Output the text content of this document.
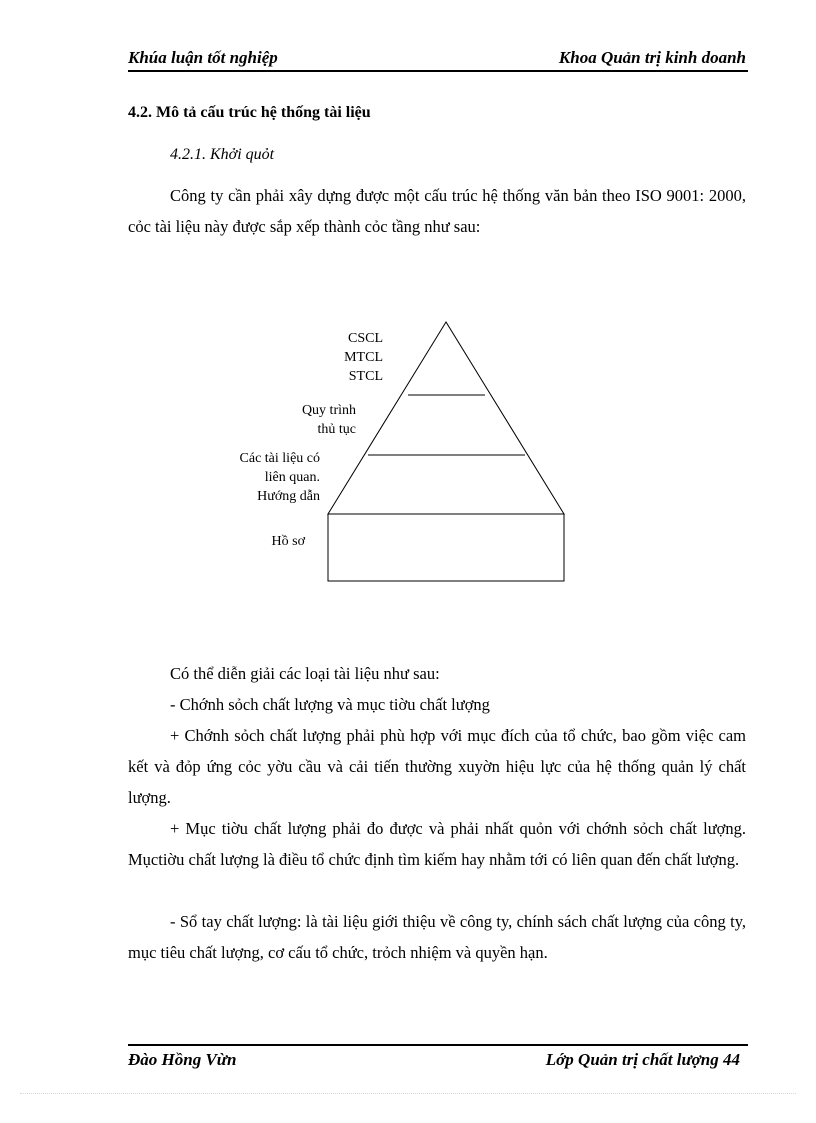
Khúa luận tốt nghiệp	Khoa Quản trị kinh doanh
4.2. Mô tả cấu trúc hệ thống tài liệu
4.2.1. Khởi quỏt
Công ty cần phải xây dựng được một cấu trúc hệ thống văn bản theo ISO 9001: 2000, cỏc tài liệu này được sắp xếp thành cỏc tầng như sau:
CSCL
MTCL
STCL
Quy trình
thủ tục
Các tài liệu có
liên quan.
Hướng dẫn
Hồ sơ
Có thể diễn giải các loại tài liệu như sau:
- Chớnh sỏch chất lượng và mục tiờu chất lượng
+ Chớnh sỏch chất lượng phải phù hợp với mục đích của tổ chức, bao gồm việc cam kết và đỏp ứng cỏc yờu cầu và cải tiến thường xuyờn hiệu lực của hệ thống quản lý chất lượng.
+ Mục tiờu chất lượng phải đo được và phải nhất quỏn với chớnh sỏch chất lượng. Mụctiờu chất lượng là điều tổ chức định tìm kiếm hay nhằm tới có liên quan đến chất lượng.
- Sổ tay chất lượng: là tài liệu giới thiệu về công ty, chính sách chất lượng của công ty, mục tiêu chất lượng, cơ cấu tổ chức, trỏch nhiệm và quyền hạn.
Đào Hồng Vừn	Lớp Quản trị chất lượng 44
